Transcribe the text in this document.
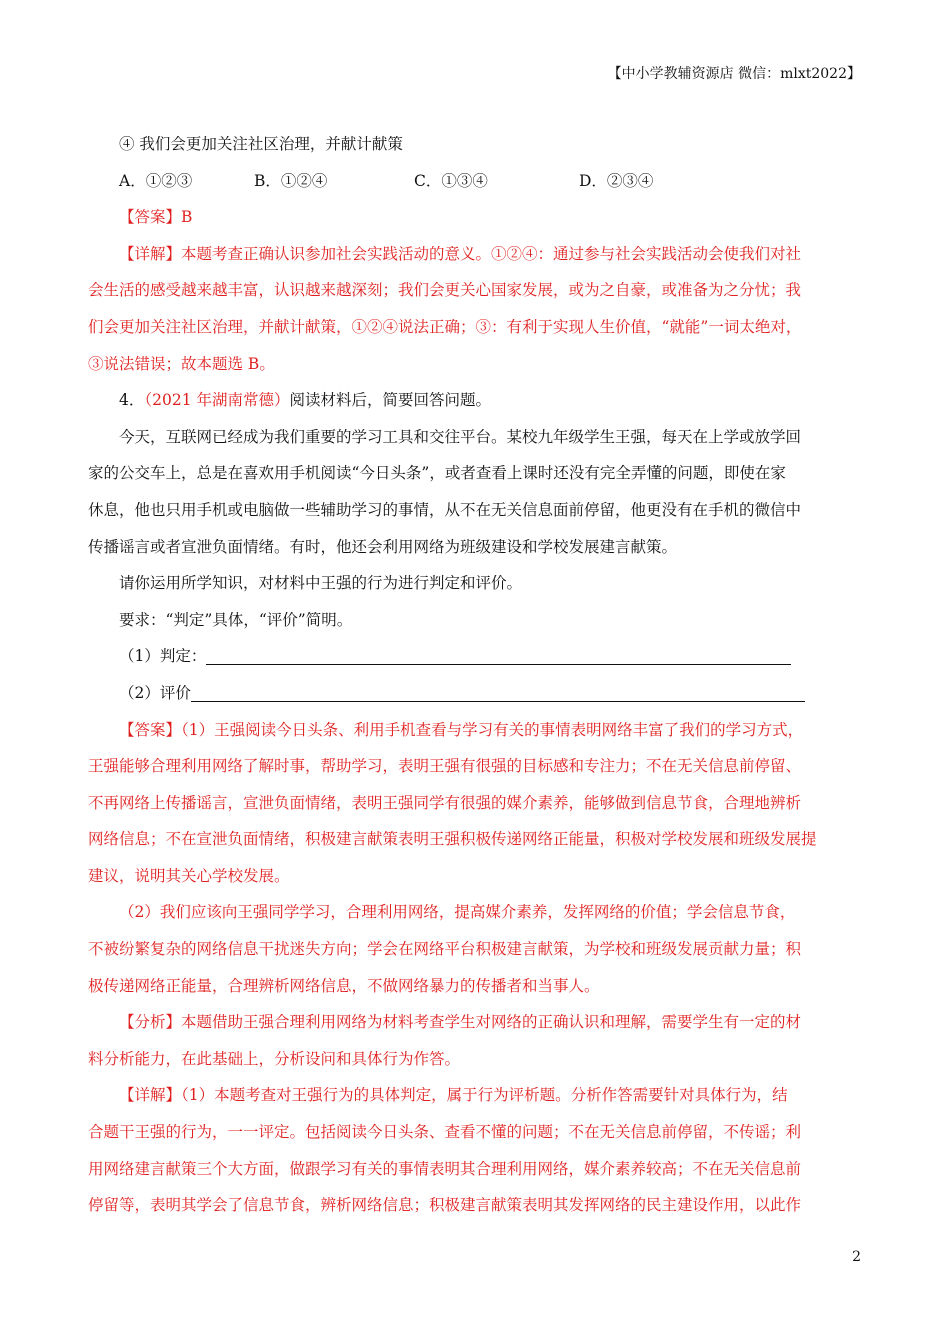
【中小学教辅资源店 微信：mlxt2022】
④ 我们会更加关注社区治理，并献计献策
A．①②③	B．①②④	C．①③④	D．②③④
【答案】B
【详解】本题考查正确认识参加社会实践活动的意义。①②④：通过参与社会实践活动会使我们对社
会生活的感受越来越丰富，认识越来越深刻；我们会更关心国家发展，或为之自豪，或准备为之分忧；我
们会更加关注社区治理，并献计献策，①②④说法正确；③：有利于实现人生价值，“就能”一词太绝对，
③说法错误；故本题选 B。
4．（2021 年湖南常德）阅读材料后，简要回答问题。
今天，互联网已经成为我们重要的学习工具和交往平台。某校九年级学生王强，每天在上学或放学回
家的公交车上，总是在喜欢用手机阅读“今日头条”，或者查看上课时还没有完全弄懂的问题，即使在家
休息，他也只用手机或电脑做一些辅助学习的事情，从不在无关信息面前停留，他更没有在手机的微信中
传播谣言或者宣泄负面情绪。有时，他还会利用网络为班级建设和学校发展建言献策。
请你运用所学知识，对材料中王强的行为进行判定和评价。
要求：“判定”具体，“评价”简明。
（1）判定：
（2）评价
【答案】（1）王强阅读今日头条、利用手机查看与学习有关的事情表明网络丰富了我们的学习方式，
王强能够合理利用网络了解时事，帮助学习，表明王强有很强的目标感和专注力；不在无关信息前停留、
不再网络上传播谣言，宣泄负面情绪，表明王强同学有很强的媒介素养，能够做到信息节食，合理地辨析
网络信息；不在宣泄负面情绪，积极建言献策表明王强积极传递网络正能量，积极对学校发展和班级发展提
建议，说明其关心学校发展。
（2）我们应该向王强同学学习，合理利用网络，提高媒介素养，发挥网络的价值；学会信息节食，
不被纷繁复杂的网络信息干扰迷失方向；学会在网络平台积极建言献策，为学校和班级发展贡献力量；积
极传递网络正能量，合理辨析网络信息，不做网络暴力的传播者和当事人。
【分析】本题借助王强合理利用网络为材料考查学生对网络的正确认识和理解，需要学生有一定的材
料分析能力，在此基础上，分析设问和具体行为作答。
【详解】（1）本题考查对王强行为的具体判定，属于行为评析题。分析作答需要针对具体行为，结
合题干王强的行为，一一评定。包括阅读今日头条、查看不懂的问题；不在无关信息前停留，不传谣；利
用网络建言献策三个大方面，做跟学习有关的事情表明其合理利用网络，媒介素养较高；不在无关信息前
停留等，表明其学会了信息节食，辨析网络信息；积极建言献策表明其发挥网络的民主建设作用，以此作
2
